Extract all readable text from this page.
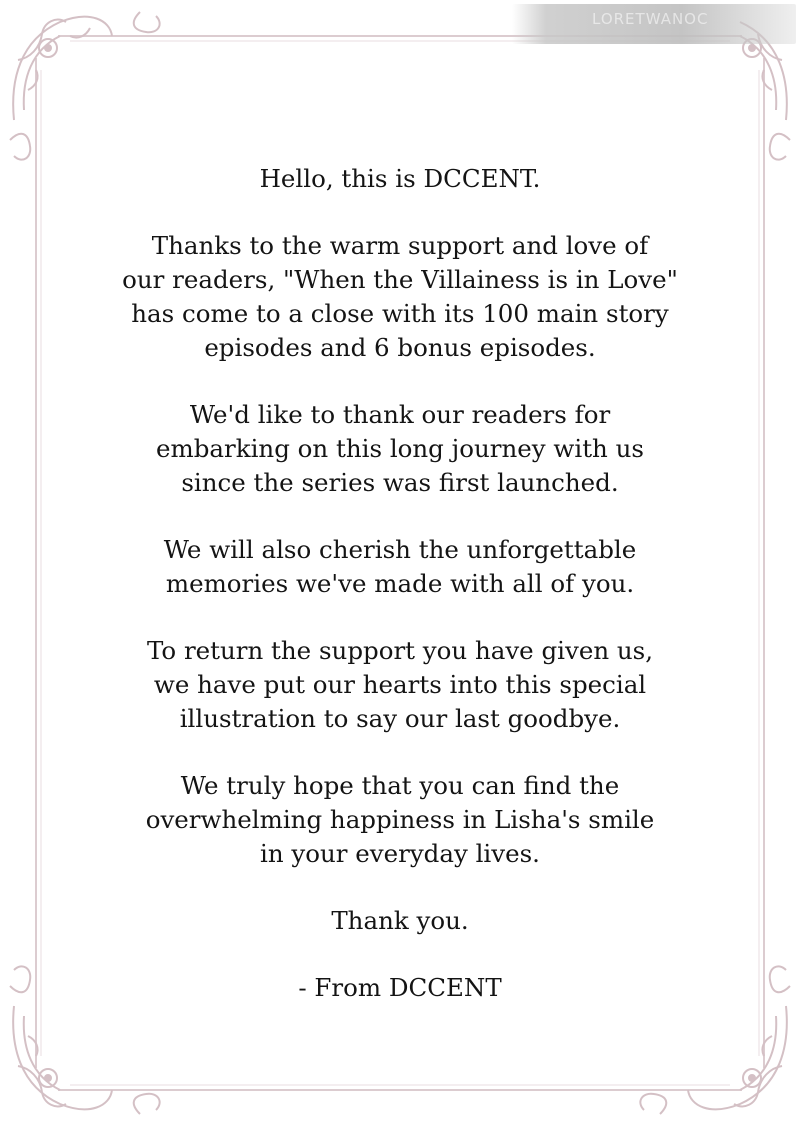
LORETWANOC

Hello, this is DCCENT.

Thanks to the warm support and love of
our readers, "When the Villainess is in Love"
has come to a close with its 100 main story
episodes and 6 bonus episodes.

We'd like to thank our readers for
embarking on this long journey with us
since the series was first launched.

We will also cherish the unforgettable
memories we've made with all of you.

To return the support you have given us,
we have put our hearts into this special
illustration to say our last goodbye.

We truly hope that you can find the
overwhelming happiness in Lisha's smile
in your everyday lives.

Thank you.

- From DCCENT
